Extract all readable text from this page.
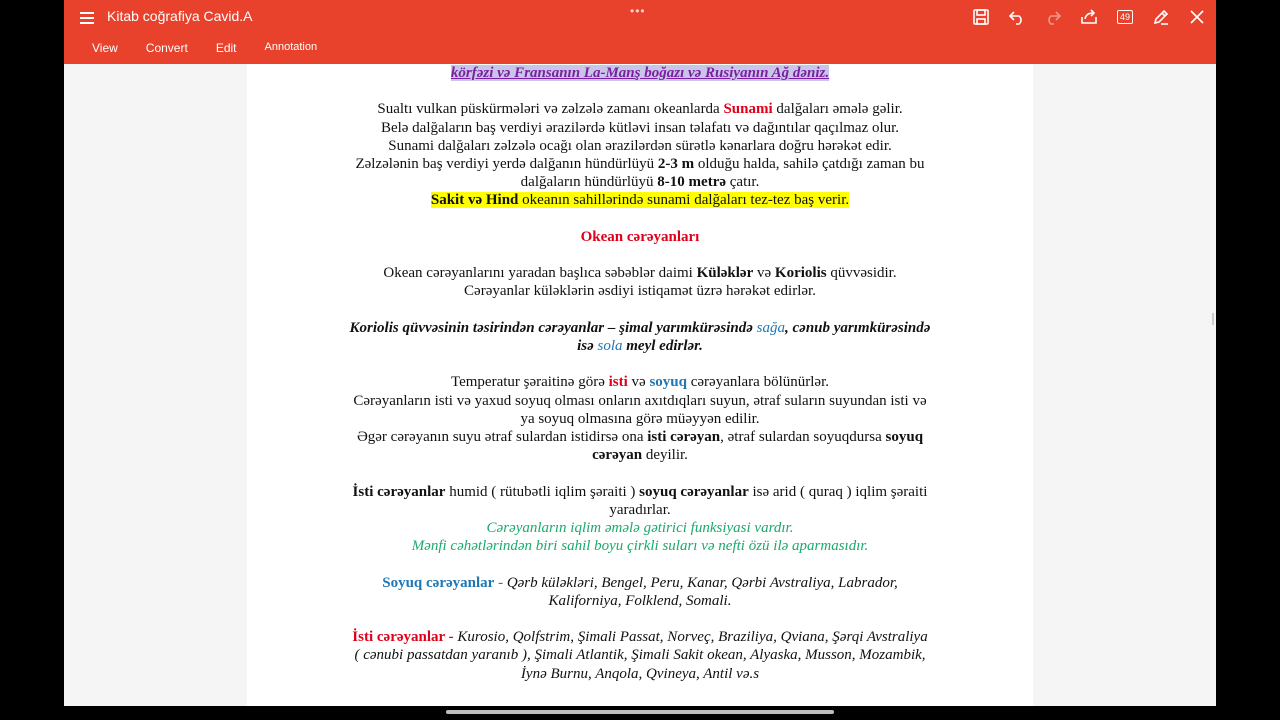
Kitab coğrafiya Cavid.A	•••
View Convert Edit	Annotation
49

körfəzi və Fransanın La-Manş boğazı və Rusiyanın Ağ dəniz.

Sualtı vulkan püskürmələri və zəlzələ zamanı okeanlarda Sunami dalğaları əmələ gəlir.

Belə dalğaların baş verdiyi ərazilərdə kütləvi insan təlafatı və dağıntılar qaçılmaz olur.

Sunami dalğaları zəlzələ ocağı olan ərazilərdən sürətlə kənarlara doğru hərəkət edir.

Zəlzələnin baş verdiyi yerdə dalğanın hündürlüyü 2-3 m olduğu halda, sahilə çatdığı zaman bu

dalğaların hündürlüyü 8-10 metrə çatır.

Sakit və Hind okeanın sahillərində sunami dalğaları tez-tez baş verir.

Okean cərəyanları

Okean cərəyanlarını yaradan başlıca səbəblər daimi Küləklər və Koriolis qüvvəsidir.

Cərəyanlar küləklərin əsdiyi istiqamət üzrə hərəkət edirlər.

Koriolis qüvvəsinin təsirindən cərəyanlar – şimal yarımkürəsində sağa, cənub yarımkürəsində

isə sola meyl edirlər.

Temperatur şəraitinə görə isti və soyuq cərəyanlara bölünürlər.

Cərəyanların isti və yaxud soyuq olması onların axıtdıqları suyun, ətraf suların suyundan isti və

ya soyuq olmasına görə müəyyən edilir.

Əgər cərəyanın suyu ətraf sulardan istidirsə ona isti cərəyan, ətraf sulardan soyuqdursa soyuq

cərəyan deyilir.

İsti cərəyanlar humid ( rütubətli iqlim şəraiti ) soyuq cərəyanlar isə arid ( quraq ) iqlim şəraiti

yaradırlar.

Cərəyanların iqlim əmələ gətirici funksiyasi vardır.

Mənfi cəhətlərindən biri sahil boyu çirkli suları və nefti özü ilə aparmasıdır.

Soyuq cərəyanlar - Qərb küləkləri, Bengel, Peru, Kanar, Qərbi Avstraliya, Labrador,

Kaliforniya, Folklend, Somali.

İsti cərəyanlar - Kurosio, Qolfstrim, Şimali Passat, Norveç, Braziliya, Qviana, Şərqi Avstraliya

( cənubi passatdan yaranıb ), Şimali Atlantik, Şimali Sakit okean, Alyaska, Musson, Mozambik,

İynə Burnu, Anqola, Qvineya, Antil və.s
